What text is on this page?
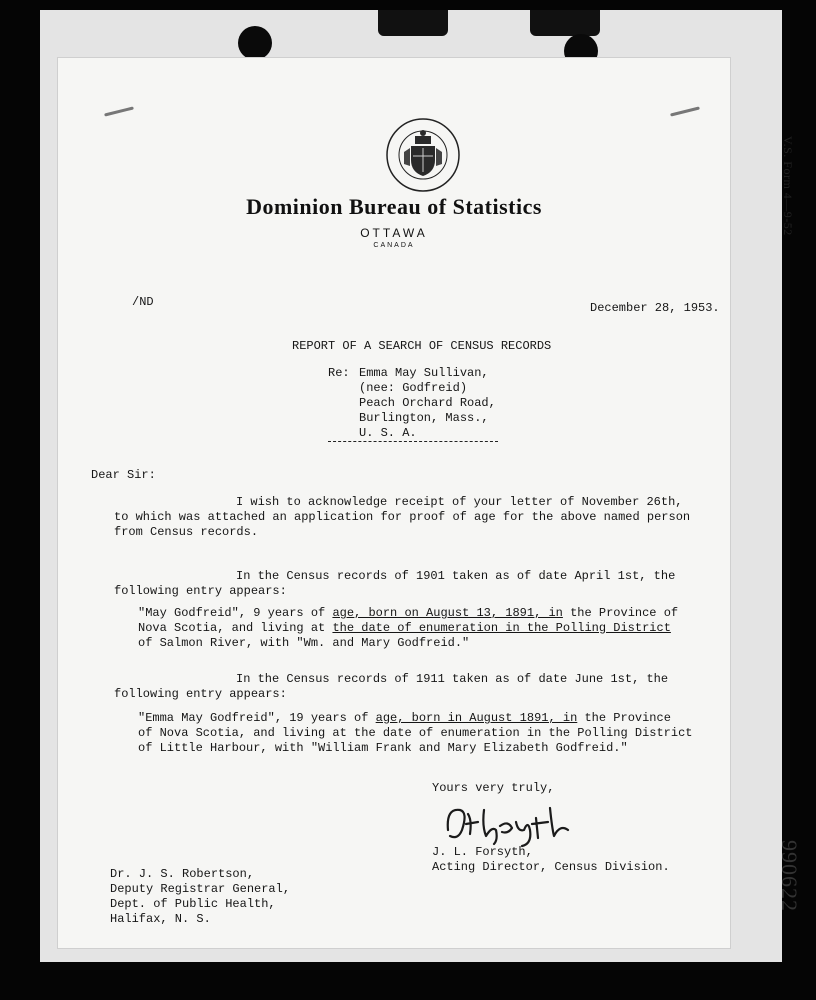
V.S. Form 4—9-52
990622
Dominion Bureau of Statistics
OTTAWA
CANADA
/ND	December 28, 1953.
REPORT OF A SEARCH OF CENSUS RECORDS
Re: Emma May Sullivan,
(nee: Godfreid)
Peach Orchard Road,
Burlington, Mass.,
U. S. A.
Dear Sir:
I wish to acknowledge receipt of your letter of November 26th,
to which was attached an application for proof of age for the above named person
from Census records.
In the Census records of 1901 taken as of date April 1st, the
following entry appears:
"May Godfreid", 9 years of age, born on August 13, 1891, in the Province of
Nova Scotia, and living at the date of enumeration in the Polling District
of Salmon River, with "Wm. and Mary Godfreid."
In the Census records of 1911 taken as of date June 1st, the
following entry appears:
"Emma May Godfreid", 19 years of age, born in August 1891, in the Province
of Nova Scotia, and living at the date of enumeration in the Polling District
of Little Harbour, with "William Frank and Mary Elizabeth Godfreid."
Yours very truly,
J. L. Forsyth,
Acting Director, Census Division.
Dr. J. S. Robertson,
Deputy Registrar General,
Dept. of Public Health,
Halifax, N. S.
